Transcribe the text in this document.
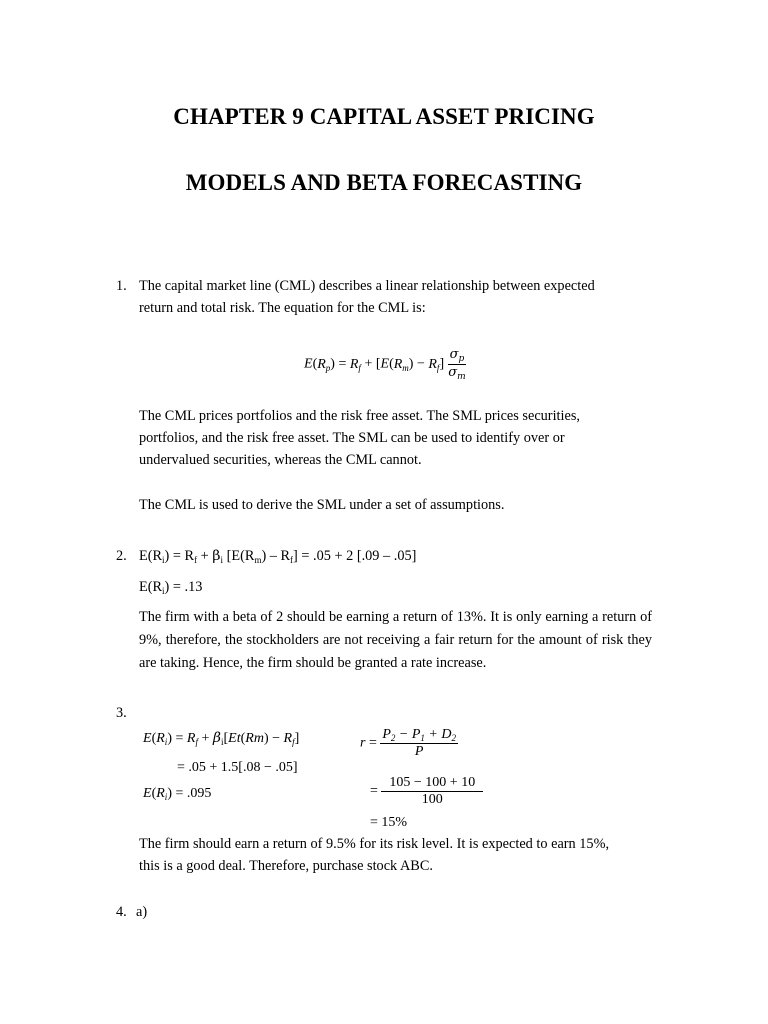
CHAPTER 9 CAPITAL ASSET PRICING
MODELS AND BETA FORECASTING
1. The capital market line (CML) describes a linear relationship between expected
return and total risk. The equation for the CML is:
$E(R_p) = R_f + [E(R_m) - R_f] \frac{\sigma_p}{\sigma_m}$
The CML prices portfolios and the risk free asset. The SML prices securities,
portfolios, and the risk free asset. The SML can be used to identify over or
undervalued securities, whereas the CML cannot.
The CML is used to derive the SML under a set of assumptions.
2. $E(R_i) = R_f + \beta_i$ $[E(R_m) - R_f] = .05 + 2$ [.09 – .05]
$E(R_i) = .13$
The firm with a beta of 2 should be earning a return of 13%. It is only earning a return of 9%, therefore, the stockholders are not receiving a fair return for the amount of risk they are taking. Hence, the firm should be granted a rate increase.
3.
$E(R_i) = R_f + \beta_i[Et(Rm) - R_f]$
= .05 + 1.5[.08 − .05]
$E(R_i) = .095$
$r = \frac{P_2 - P_1 + D_2}{P}$
= $\frac{105 - 100 + 10}{100}$
= 15%
The firm should earn a return of 9.5% for its risk level. It is expected to earn 15%,
this is a good deal. Therefore, purchase stock ABC.
4. a)
